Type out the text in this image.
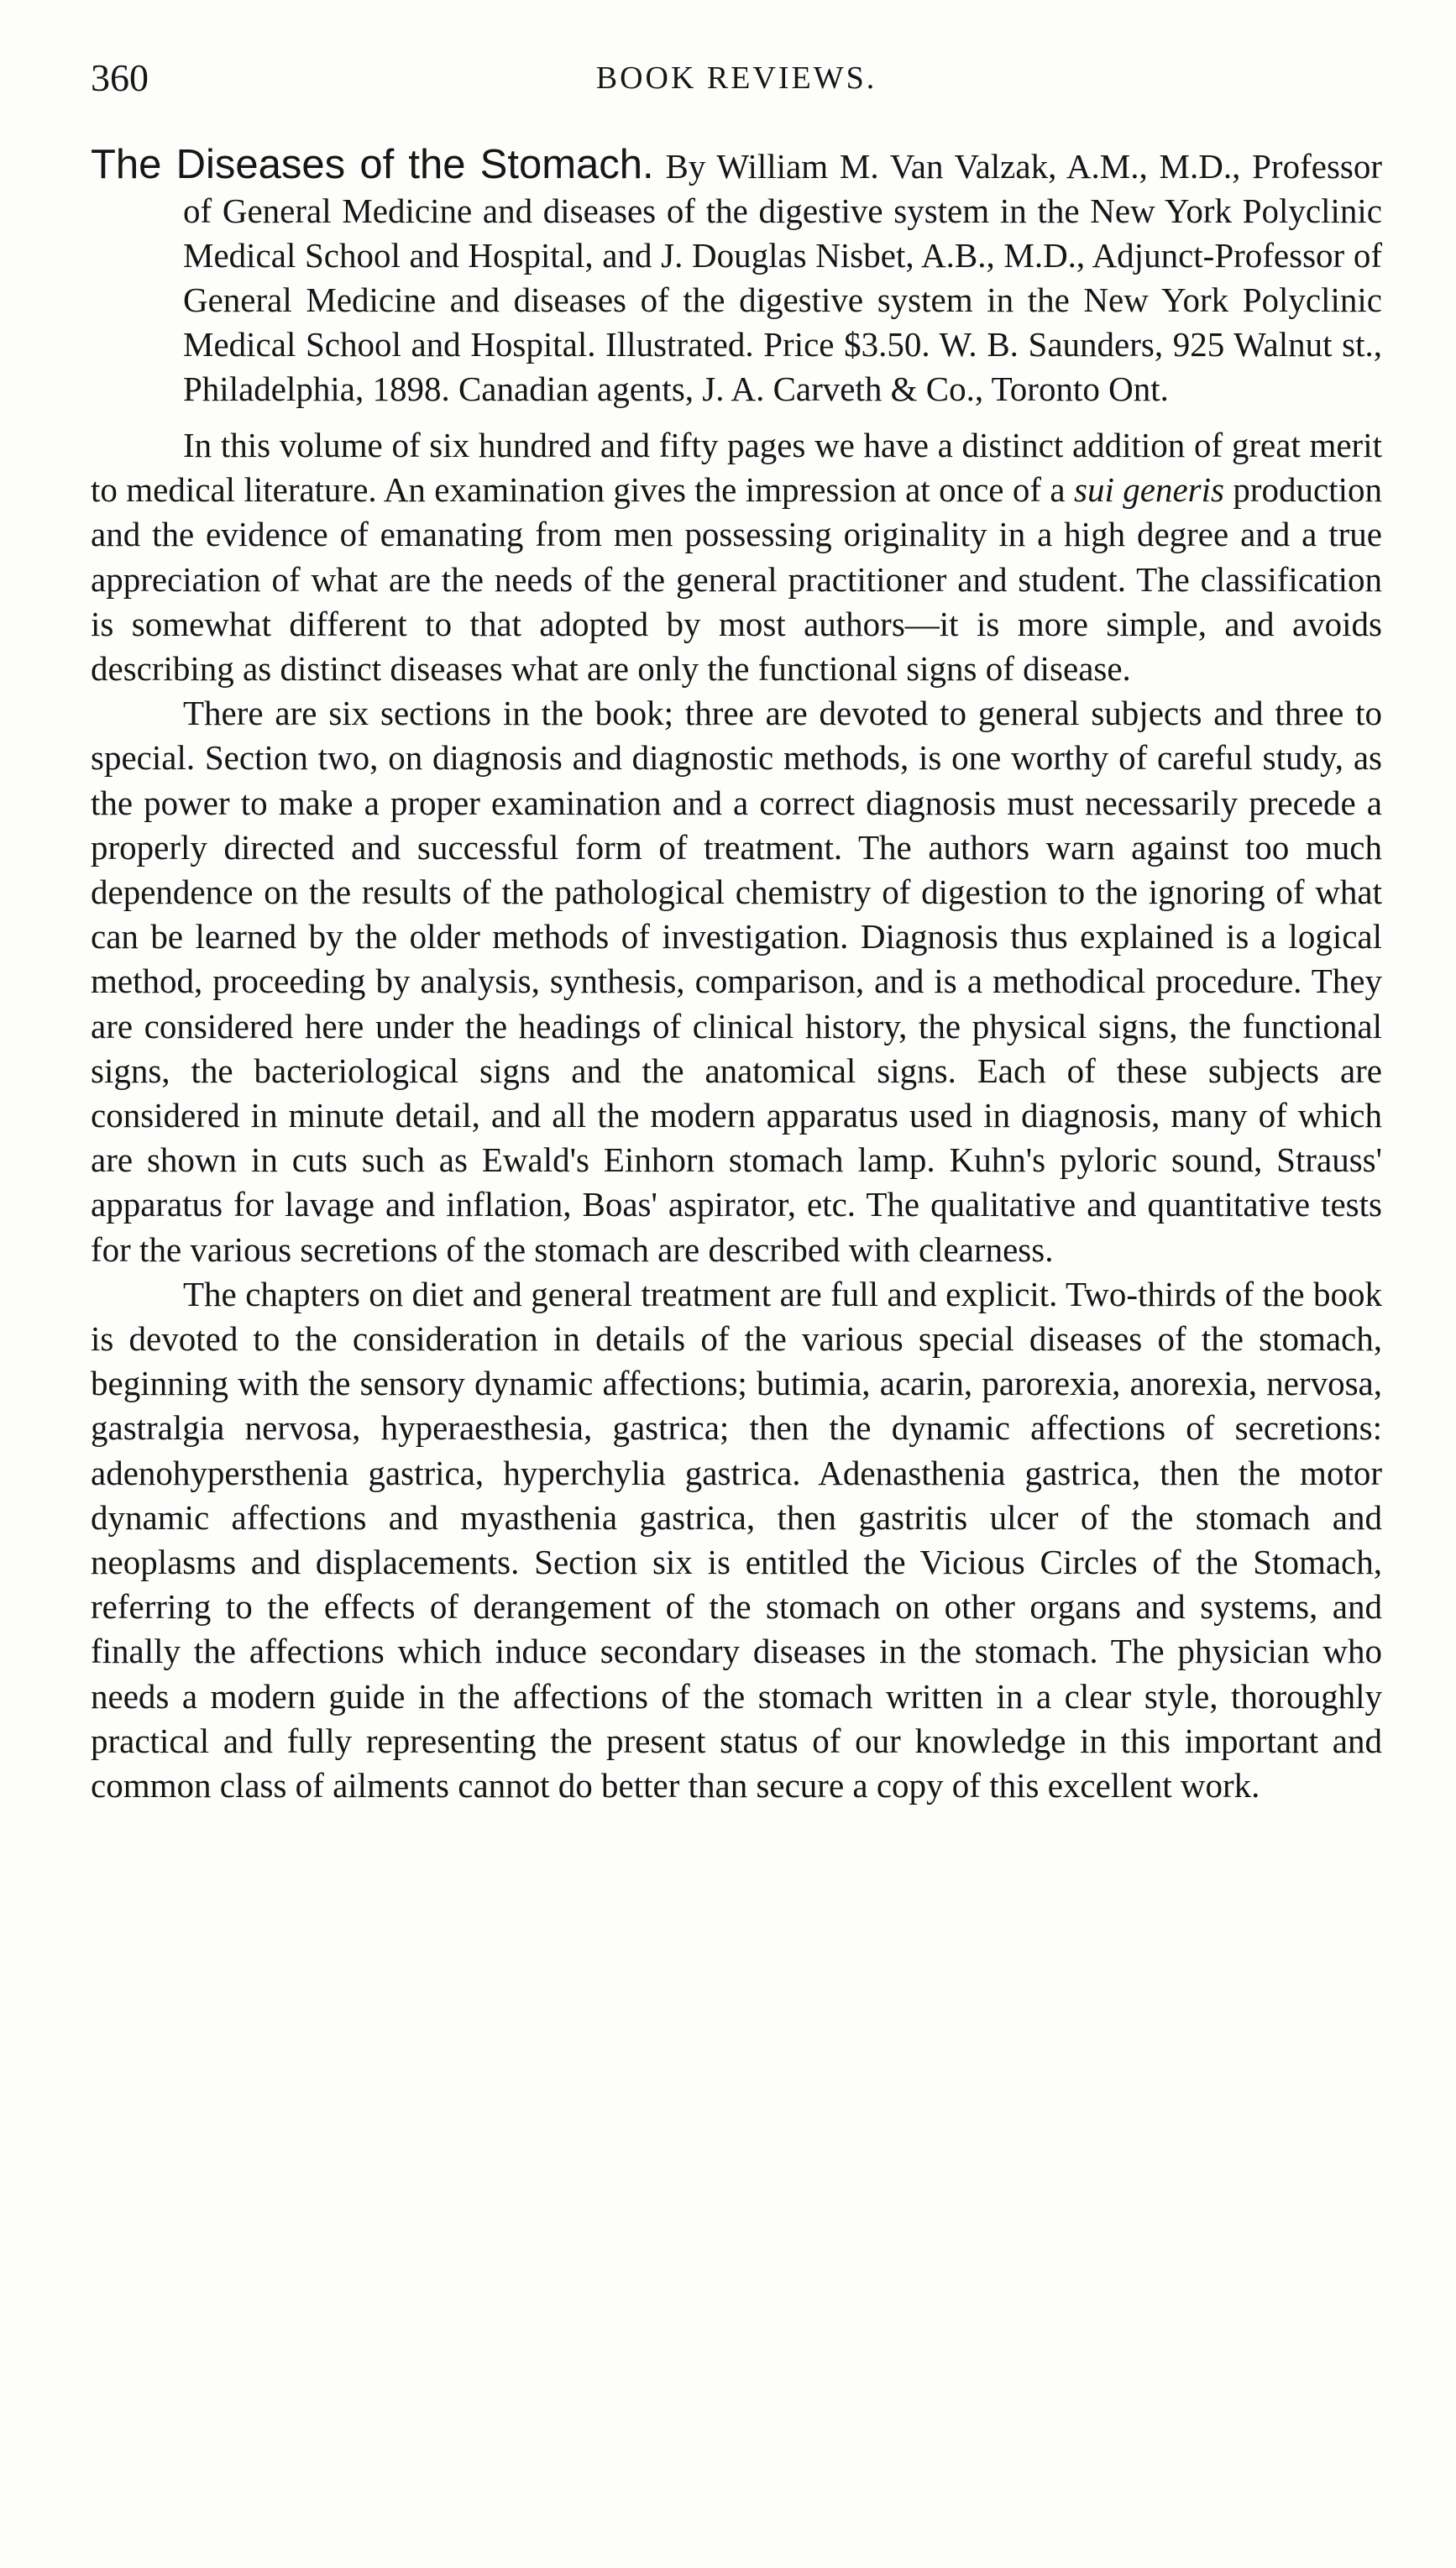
360	BOOK REVIEWS.

The Diseases of the Stomach. By William M. Van Valzak, A.M., M.D., Professor of General Medicine and diseases of the digestive system in the New York Polyclinic Medical School and Hospital, and J. Douglas Nisbet, A.B., M.D., Adjunct-Professor of General Medicine and diseases of the digestive system in the New York Polyclinic Medical School and Hospital. Illustrated. Price $3.50. W. B. Saunders, 925 Walnut st., Philadelphia, 1898. Canadian agents, J. A. Carveth & Co., Toronto Ont.

In this volume of six hundred and fifty pages we have a distinct addition of great merit to medical literature. An examination gives the impression at once of a sui generis production and the evidence of emanating from men possessing originality in a high degree and a true appreciation of what are the needs of the general practitioner and student. The classification is somewhat different to that adopted by most authors—it is more simple, and avoids describing as distinct diseases what are only the functional signs of disease.

There are six sections in the book; three are devoted to general subjects and three to special. Section two, on diagnosis and diagnostic methods, is one worthy of careful study, as the power to make a proper examination and a correct diagnosis must necessarily precede a properly directed and successful form of treatment. The authors warn against too much dependence on the results of the pathological chemistry of digestion to the ignoring of what can be learned by the older methods of investigation. Diagnosis thus explained is a logical method, proceeding by analysis, synthesis, comparison, and is a methodical procedure. They are considered here under the headings of clinical history, the physical signs, the functional signs, the bacteriological signs and the anatomical signs. Each of these subjects are considered in minute detail, and all the modern apparatus used in diagnosis, many of which are shown in cuts such as Ewald's Einhorn stomach lamp. Kuhn's pyloric sound, Strauss' apparatus for lavage and inflation, Boas' aspirator, etc. The qualitative and quantitative tests for the various secretions of the stomach are described with clearness.

The chapters on diet and general treatment are full and explicit. Two-thirds of the book is devoted to the consideration in details of the various special diseases of the stomach, beginning with the sensory dynamic affections; butimia, acarin, parorexia, anorexia, nervosa, gastralgia nervosa, hyperaesthesia, gastrica; then the dynamic affections of secretions: adenohypersthenia gastrica, hyperchylia gastrica. Adenasthenia gastrica, then the motor dynamic affections and myasthenia gastrica, then gastritis ulcer of the stomach and neoplasms and displacements. Section six is entitled the Vicious Circles of the Stomach, referring to the effects of derangement of the stomach on other organs and systems, and finally the affections which induce secondary diseases in the stomach. The physician who needs a modern guide in the affections of the stomach written in a clear style, thoroughly practical and fully representing the present status of our knowledge in this important and common class of ailments cannot do better than secure a copy of this excellent work.
